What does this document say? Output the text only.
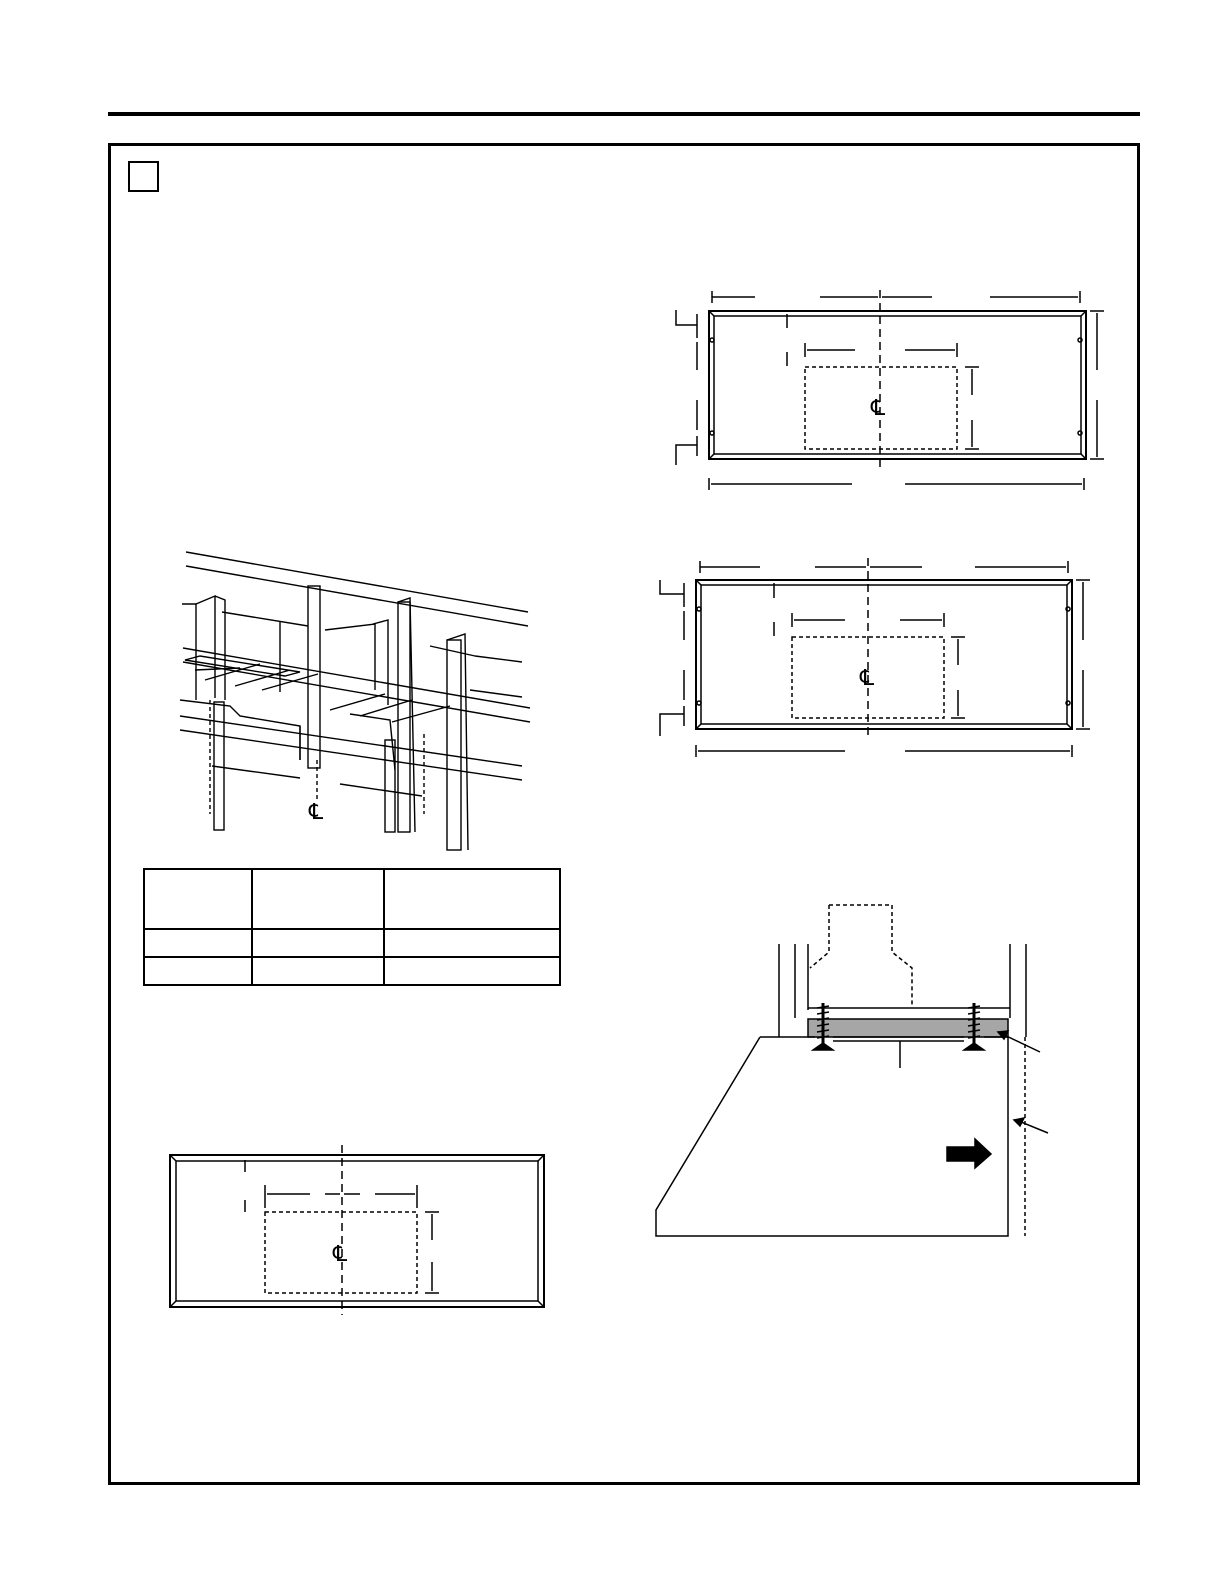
℄
℄
℄

℄
